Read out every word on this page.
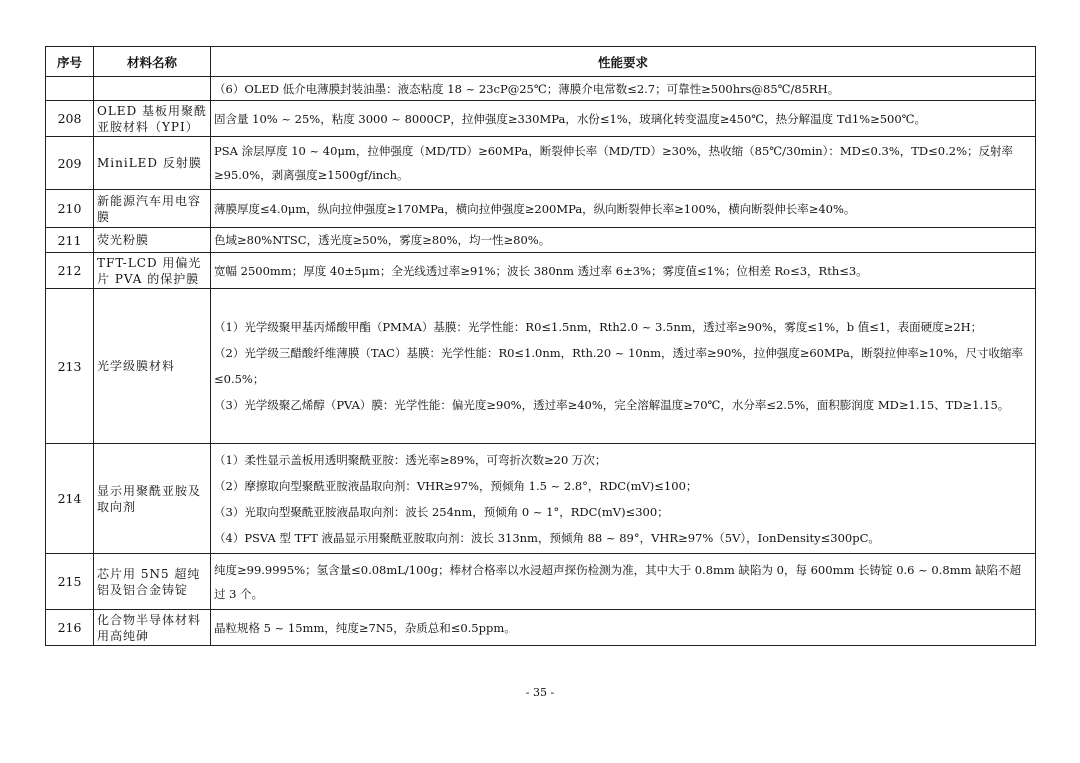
序号	材料名称	性能要求
		（6）OLED 低介电薄膜封装油墨：液态粘度 18 ~ 23cP@25℃；薄膜介电常数≤2.7；可靠性≥500hrs@85℃/85RH。
208	OLED 基板用聚酰亚胺材料（YPI）	固含量 10% ~ 25%，粘度 3000 ~ 8000CP，拉伸强度≥330MPa，水份≤1%，玻璃化转变温度≥450℃，热分解温度 Td1%≥500℃。

209	MiniLED 反射膜	PSA 涂层厚度 10 ~ 40μm，拉伸强度（MD/TD）≥60MPa，断裂伸长率（MD/TD）≥30%，热收缩（85℃/30min）：MD≤0.3%，TD≤0.2%；反射率≥95.0%，剥离强度≥1500gf/inch。

210	新能源汽车用电容膜	薄膜厚度≤4.0μm，纵向拉伸强度≥170MPa，横向拉伸强度≥200MPa，纵向断裂伸长率≥100%，横向断裂伸长率≥40%。

211	荧光粉膜	色域≥80%NTSC，透光度≥50%，雾度≥80%，均一性≥80%。

212	TFT-LCD 用偏光片 PVA 的保护膜	宽幅 2500mm；厚度 40±5μm；全光线透过率≥91%；波长 380nm 透过率 6±3%；雾度值≤1%；位相差 Ro≤3，Rth≤3。

213	光学级膜材料	（1）光学级聚甲基丙烯酸甲酯（PMMA）基膜：光学性能：R0≤1.5nm，Rth2.0 ~ 3.5nm，透过率≥90%，雾度≤1%，b 值≤1，表面硬度≥2H；

（2）光学级三醋酸纤维薄膜（TAC）基膜：光学性能：R0≤1.0nm，Rth.20 ~ 10nm，透过率≥90%，拉伸强度≥60MPa，断裂拉伸率≥10%，尺寸收缩率≤0.5%；

（3）光学级聚乙烯醇（PVA）膜：光学性能：偏光度≥90%，透过率≥40%，完全溶解温度≥70℃，水分率≤2.5%，面积膨润度 MD≥1.15、TD≥1.15。

214	显示用聚酰亚胺及取向剂	（1）柔性显示盖板用透明聚酰亚胺：透光率≥89%，可弯折次数≥20 万次；

（2）摩擦取向型聚酰亚胺液晶取向剂：VHR≥97%，预倾角 1.5 ~ 2.8°，RDC(mV)≤100；

（3）光取向型聚酰亚胺液晶取向剂：波长 254nm，预倾角 0 ~ 1°，RDC(mV)≤300；

（4）PSVA 型 TFT 液晶显示用聚酰亚胺取向剂：波长 313nm，预倾角 88 ~ 89°，VHR≥97%（5V），IonDensity≤300pC。

215	芯片用 5N5 超纯铝及铝合金铸锭	纯度≥99.9995%；氢含量≤0.08mL/100g；棒材合格率以水浸超声探伤检测为准，其中大于 0.8mm 缺陷为 0，每 600mm 长铸锭 0.6 ~ 0.8mm 缺陷不超过 3 个。

216	化合物半导体材料用高纯砷	晶粒规格 5 ~ 15mm，纯度≥7N5，杂质总和≤0.5ppm。

- 35 -
